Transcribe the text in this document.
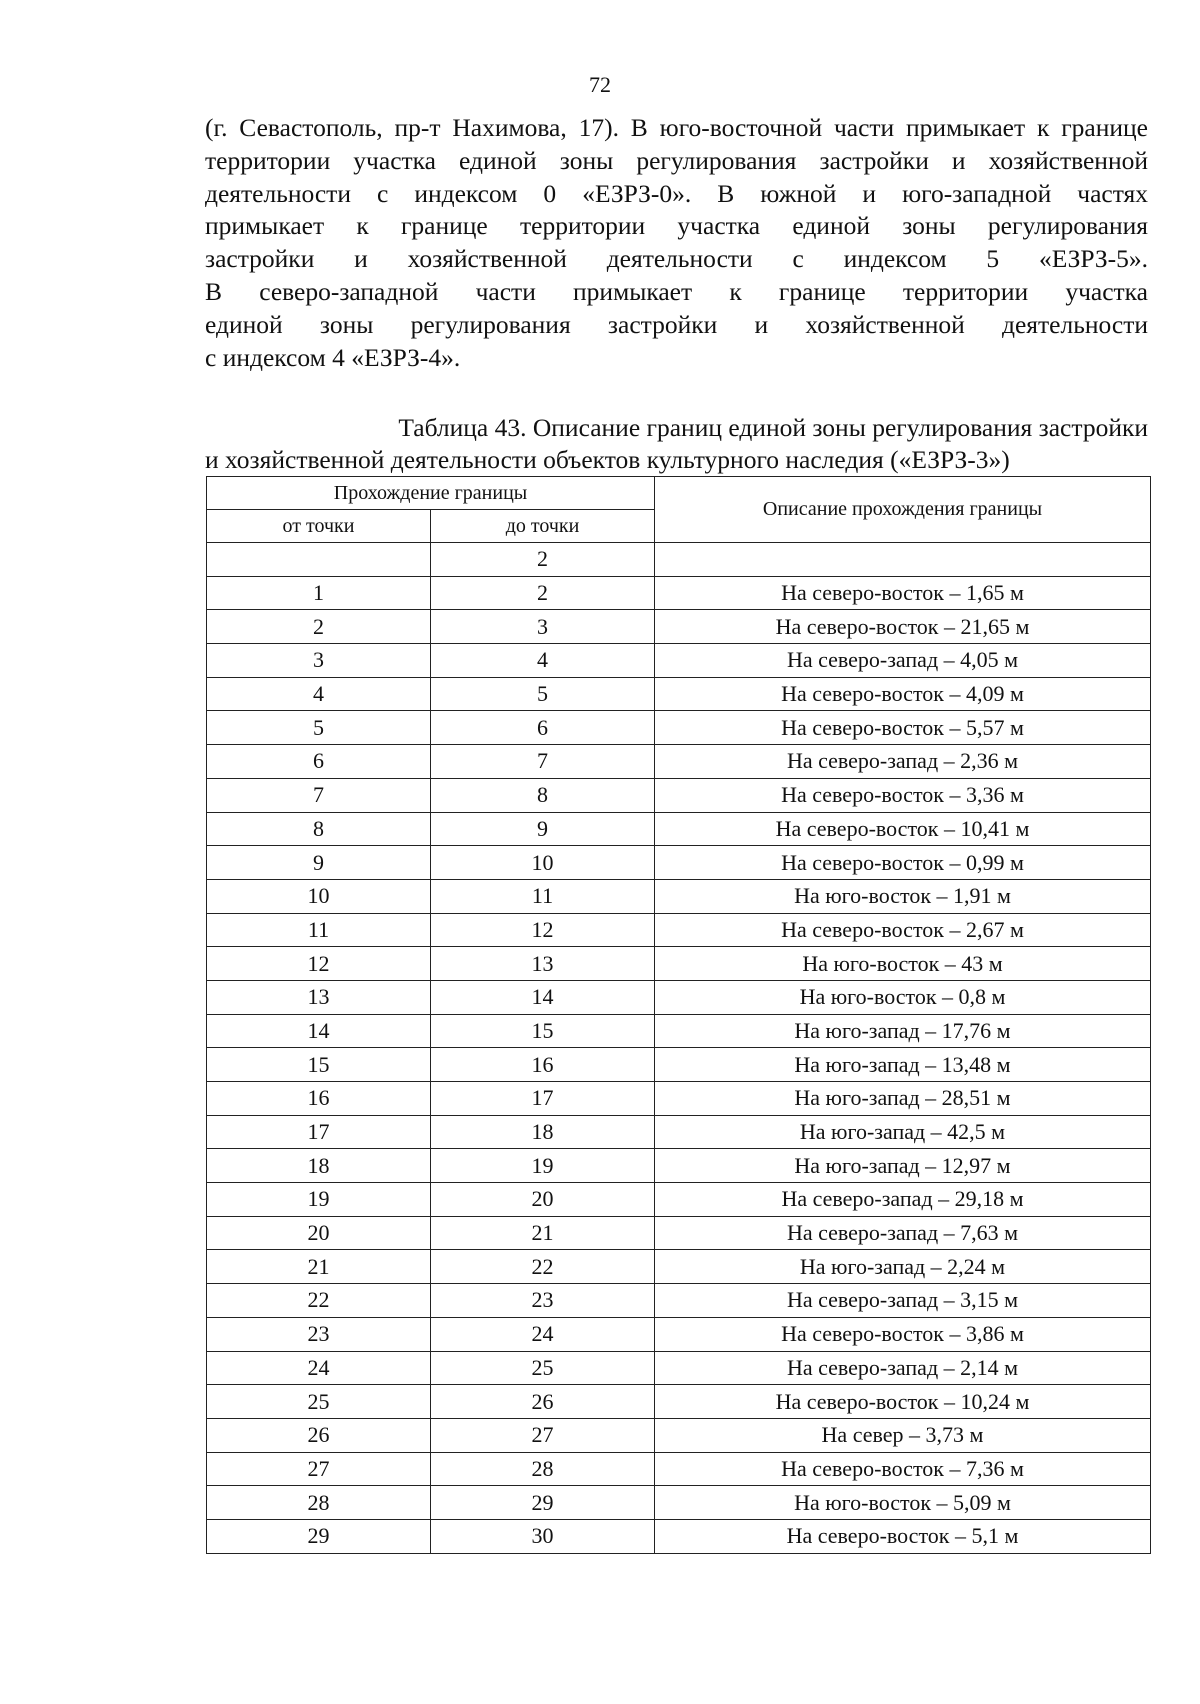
72

(г. Севастополь, пр-т Нахимова, 17). В юго-восточной части примыкает к границе

территории участка единой зоны регулирования застройки и хозяйственной

деятельности с индексом 0 «ЕЗРЗ-0». В южной и юго-западной частях

примыкает к границе территории участка единой зоны регулирования

застройки и хозяйственной деятельности с индексом 5 «ЕЗРЗ-5».

В северо-западной части примыкает к границе территории участка

единой зоны регулирования застройки и хозяйственной деятельности

с индексом 4 «ЕЗРЗ-4».

Таблица 43. Описание границ единой зоны регулирования застройки

и хозяйственной деятельности объектов культурного наследия («ЕЗРЗ-3»)

Прохождение границы		Описание прохождения границы
от точки	до точки	
	2	
1	2	На северо-восток – 1,65 м
2	3	На северо-восток – 21,65 м
3	4	На северо-запад – 4,05 м
4	5	На северо-восток – 4,09 м
5	6	На северо-восток – 5,57 м
6	7	На северо-запад – 2,36 м
7	8	На северо-восток – 3,36 м
8	9	На северо-восток – 10,41 м
9	10	На северо-восток – 0,99 м
10	11	На юго-восток – 1,91 м
11	12	На северо-восток – 2,67 м
12	13	На юго-восток – 43 м
13	14	На юго-восток – 0,8 м
14	15	На юго-запад – 17,76 м
15	16	На юго-запад – 13,48 м
16	17	На юго-запад – 28,51 м
17	18	На юго-запад – 42,5 м
18	19	На юго-запад – 12,97 м
19	20	На северо-запад – 29,18 м
20	21	На северо-запад – 7,63 м
21	22	На юго-запад – 2,24 м
22	23	На северо-запад – 3,15 м
23	24	На северо-восток – 3,86 м
24	25	На северо-запад – 2,14 м
25	26	На северо-восток – 10,24 м
26	27	На север – 3,73 м
27	28	На северо-восток – 7,36 м
28	29	На юго-восток – 5,09 м
29	30	На северо-восток – 5,1 м
